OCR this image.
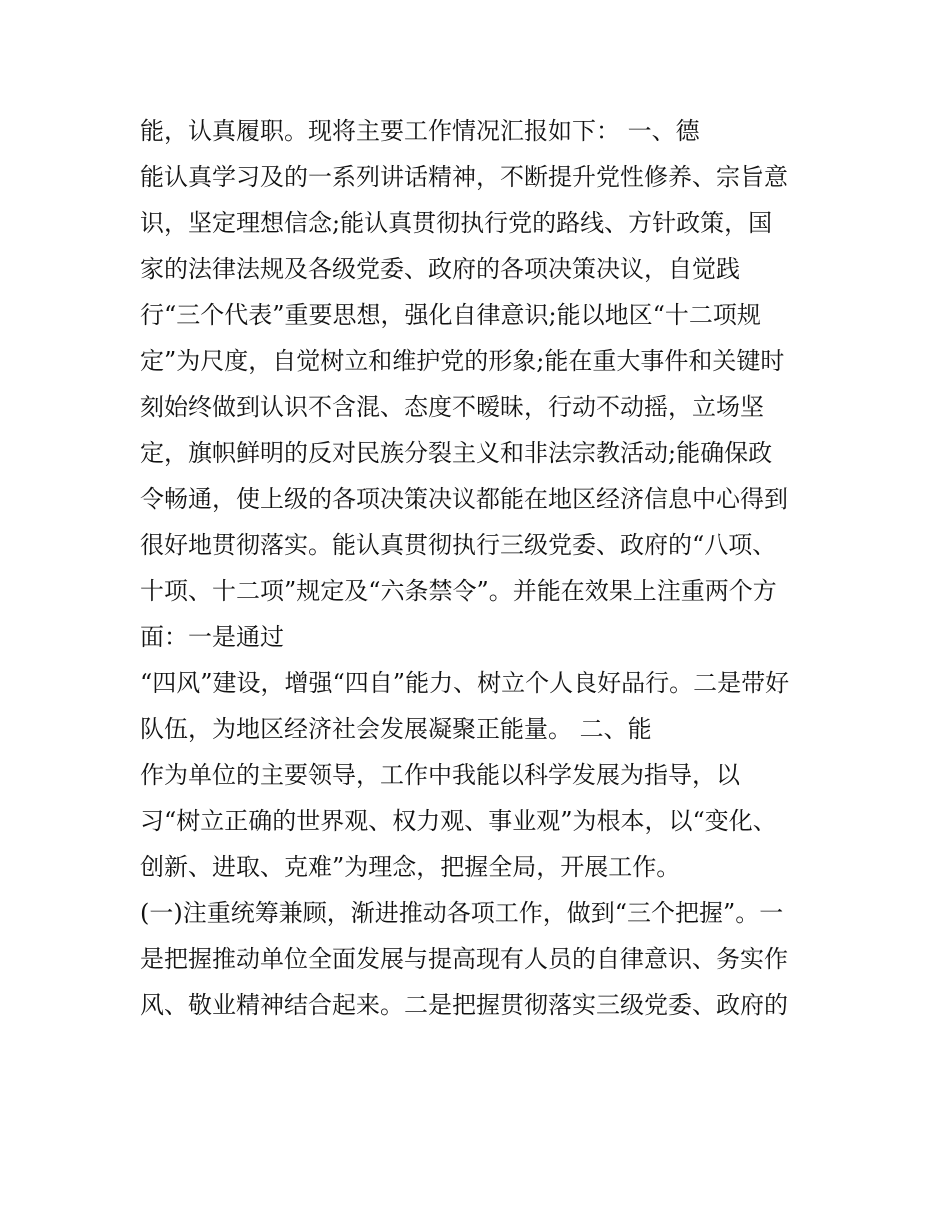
能，认真履职。现将主要工作情况汇报如下： 一、德
能认真学习及的一系列讲话精神，不断提升党性修养、宗旨意
识，坚定理想信念;能认真贯彻执行党的路线、方针政策，国
家的法律法规及各级党委、政府的各项决策决议，自觉践
行“三个代表”重要思想，强化自律意识;能以地区“十二项规
定”为尺度，自觉树立和维护党的形象;能在重大事件和关键时
刻始终做到认识不含混、态度不暧昧，行动不动摇，立场坚
定，旗帜鲜明的反对民族分裂主义和非法宗教活动;能确保政
令畅通，使上级的各项决策决议都能在地区经济信息中心得到
很好地贯彻落实。能认真贯彻执行三级党委、政府的“八项、
十项、十二项”规定及“六条禁令”。并能在效果上注重两个方
面：一是通过
“四风”建设，增强“四自”能力、树立个人良好品行。二是带好
队伍，为地区经济社会发展凝聚正能量。 二、能
作为单位的主要领导，工作中我能以科学发展为指导，以
习“树立正确的世界观、权力观、事业观”为根本，以“变化、
创新、进取、克难”为理念，把握全局，开展工作。
(一)注重统筹兼顾，渐进推动各项工作，做到“三个把握”。一
是把握推动单位全面发展与提高现有人员的自律意识、务实作
风、敬业精神结合起来。二是把握贯彻落实三级党委、政府的
